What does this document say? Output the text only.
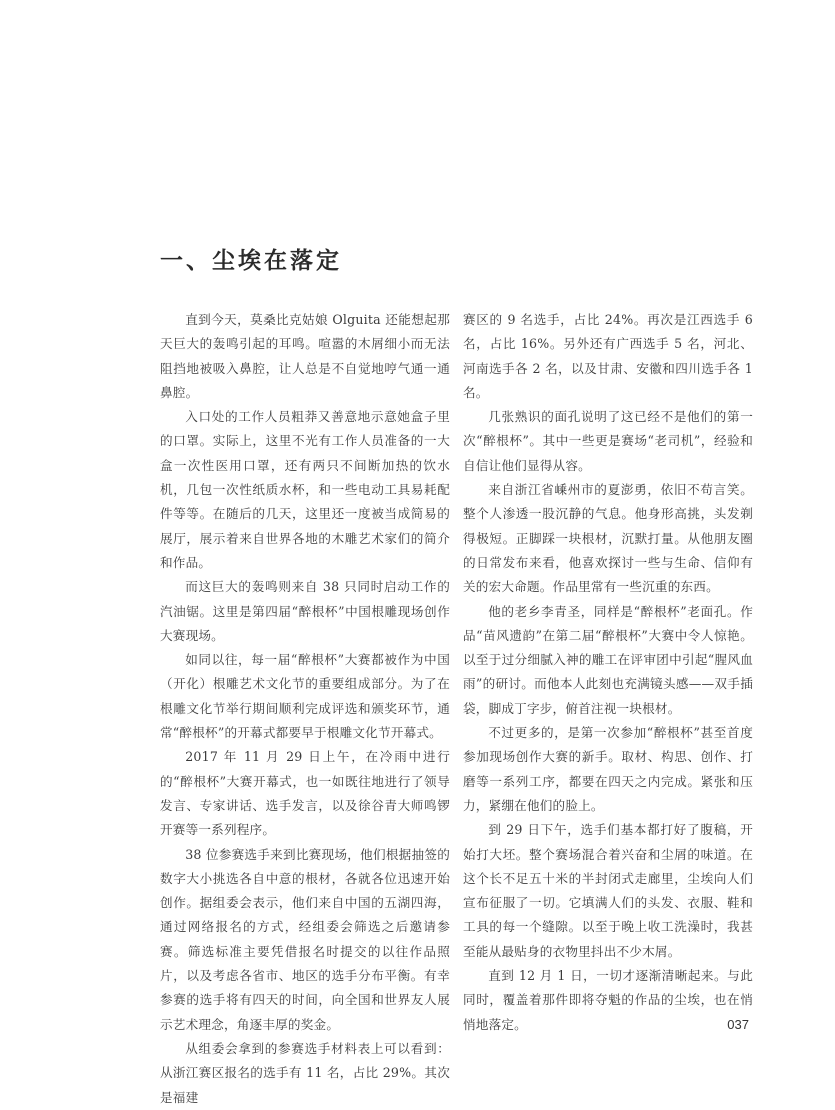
一、尘埃在落定

直到今天，莫桑比克姑娘 Olguita 还能想起那天巨大的轰鸣引起的耳鸣。喧嚣的木屑细小而无法阻挡地被吸入鼻腔，让人总是不自觉地哼气通一通鼻腔。

入口处的工作人员粗莽又善意地示意她盒子里的口罩。实际上，这里不光有工作人员准备的一大盒一次性医用口罩，还有两只不间断加热的饮水机，几包一次性纸质水杯，和一些电动工具易耗配件等等。在随后的几天，这里还一度被当成简易的展厅，展示着来自世界各地的木雕艺术家们的简介和作品。

而这巨大的轰鸣则来自 38 只同时启动工作的汽油锯。这里是第四届“醉根杯”中国根雕现场创作大赛现场。

如同以往，每一届“醉根杯”大赛都被作为中国（开化）根雕艺术文化节的重要组成部分。为了在根雕文化节举行期间顺利完成评选和颁奖环节，通常“醉根杯”的开幕式都要早于根雕文化节开幕式。

2017 年 11 月 29 日上午，在冷雨中进行的“醉根杯”大赛开幕式，也一如既往地进行了领导发言、专家讲话、选手发言，以及徐谷青大师鸣锣开赛等一系列程序。

38 位参赛选手来到比赛现场，他们根据抽签的数字大小挑选各自中意的根材，各就各位迅速开始创作。据组委会表示，他们来自中国的五湖四海，通过网络报名的方式，经组委会筛选之后邀请参赛。筛选标准主要凭借报名时提交的以往作品照片，以及考虑各省市、地区的选手分布平衡。有幸参赛的选手将有四天的时间，向全国和世界友人展示艺术理念，角逐丰厚的奖金。

从组委会拿到的参赛选手材料表上可以看到：从浙江赛区报名的选手有 11 名，占比 29%。其次是福建

赛区的 9 名选手，占比 24%。再次是江西选手 6 名，占比 16%。另外还有广西选手 5 名，河北、河南选手各 2 名，以及甘肃、安徽和四川选手各 1 名。

几张熟识的面孔说明了这已经不是他们的第一次“醉根杯”。其中一些更是赛场“老司机”，经验和自信让他们显得从容。

来自浙江省嵊州市的夏澎勇，依旧不苟言笑。整个人渗透一股沉静的气息。他身形高挑，头发剃得极短。正脚踩一块根材，沉默打量。从他朋友圈的日常发布来看，他喜欢探讨一些与生命、信仰有关的宏大命题。作品里常有一些沉重的东西。

他的老乡李青圣，同样是“醉根杯”老面孔。作品“苗风遗韵”在第二届“醉根杯”大赛中令人惊艳。以至于过分细腻入神的雕工在评审团中引起“腥风血雨”的研讨。而他本人此刻也充满镜头感——双手插袋，脚成丁字步，俯首注视一块根材。

不过更多的，是第一次参加“醉根杯”甚至首度参加现场创作大赛的新手。取材、构思、创作、打磨等一系列工序，都要在四天之内完成。紧张和压力，紧绷在他们的脸上。

到 29 日下午，选手们基本都打好了腹稿，开始打大坯。整个赛场混合着兴奋和尘屑的味道。在这个长不足五十米的半封闭式走廊里，尘埃向人们宣布征服了一切。它填满人们的头发、衣服、鞋和工具的每一个缝隙。以至于晚上收工洗澡时，我甚至能从最贴身的衣物里抖出不少木屑。

直到 12 月 1 日，一切才逐渐清晰起来。与此同时，覆盖着那件即将夺魁的作品的尘埃，也在悄悄地落定。	037
